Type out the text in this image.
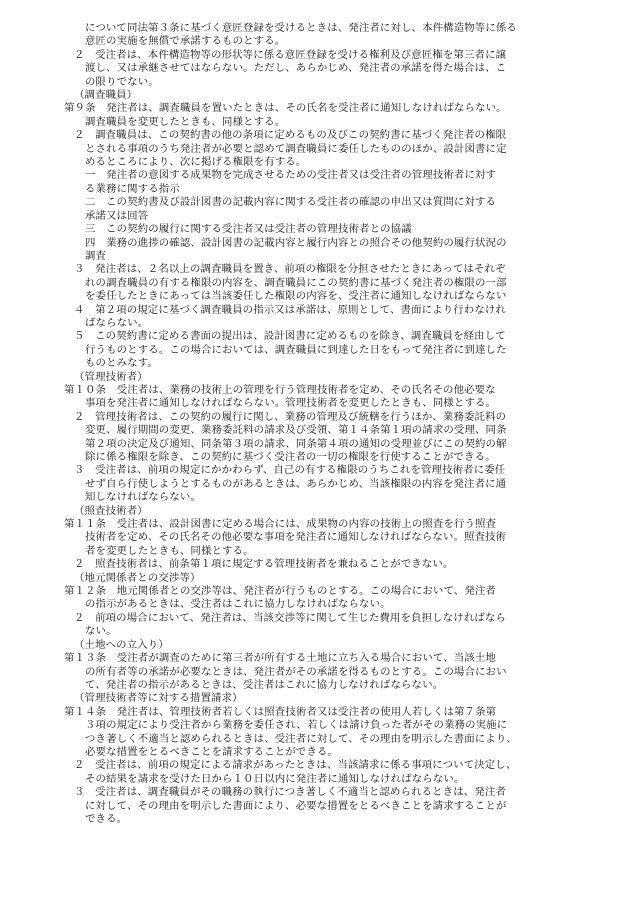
について同法第３条に基づく意匠登録を受けるときは、発注者に対し、本件構造物等に係る
意匠の実施を無償で承諾するものとする。
２　受注者は、本件構造物等の形状等に係る意匠登録を受ける権利及び意匠権を第三者に譲
渡し、又は承継させてはならない。ただし、あらかじめ、発注者の承諾を得た場合は、こ
の限りでない。
（調査職員）
第９条　発注者は、調査職員を置いたときは、その氏名を受注者に通知しなければならない。
調査職員を変更したときも、同様とする。
２　調査職員は、この契約書の他の条項に定めるもの及びこの契約書に基づく発注者の権限
とされる事項のうち発注者が必要と認めて調査職員に委任したもののほか、設計図書に定
めるところにより、次に掲げる権限を有する。
一　発注者の意図する成果物を完成させるための受注者又は受注者の管理技術者に対す
る業務に関する指示
二　この契約書及び設計図書の記載内容に関する受注者の確認の申出又は質問に対する
承諾又は回答
三　この契約の履行に関する受注者又は受注者の管理技術者との協議
四　業務の進捗の確認、設計図書の記載内容と履行内容との照合その他契約の履行状況の
調査
３　発注者は、２名以上の調査職員を置き、前項の権限を分担させたときにあってはそれぞ
れの調査職員の有する権限の内容を、調査職員にこの契約書に基づく発注者の権限の一部
を委任したときにあっては当該委任した権限の内容を、受注者に通知しなければならない
４　第２項の規定に基づく調査職員の指示又は承諾は、原則として、書面により行わなけれ
ばならない。
５　この契約書に定める書面の提出は、設計図書に定めるものを除き、調査職員を経由して
行うものとする。この場合においては、調査職員に到達した日をもって発注者に到達した
ものとみなす。
（管理技術者）
第１０条　受注者は、業務の技術上の管理を行う管理技術者を定め、その氏名その他必要な
事項を発注者に通知しなければならない。管理技術者を変更したときも、同様とする。
２　管理技術者は、この契約の履行に関し、業務の管理及び統轄を行うほか、業務委託料の
変更、履行期間の変更、業務委託料の請求及び受領、第１４条第１項の請求の受理、同条
第２項の決定及び通知、同条第３項の請求、同条第４項の通知の受理並びにこの契約の解
除に係る権限を除き、この契約に基づく受注者の一切の権限を行使することができる。
３　受注者は、前項の規定にかかわらず、自己の有する権限のうちこれを管理技術者に委任
せず自ら行使しようとするものがあるときは、あらかじめ、当該権限の内容を発注者に通
知しなければならない。
（照査技術者）
第１１条　受注者は、設計図書に定める場合には、成果物の内容の技術上の照査を行う照査
技術者を定め、その氏名その他必要な事項を発注者に通知しなければならない。照査技術
者を変更したときも、同様とする。
２　照査技術者は、前条第１項に規定する管理技術者を兼ねることができない。
（地元関係者との交渉等）
第１２条　地元関係者との交渉等は、発注者が行うものとする。この場合において、発注者
の指示があるときは、受注者はこれに協力しなければならない。
２　前項の場合において、発注者は、当該交渉等に関して生じた費用を負担しなければなら
ない。
（土地への立入り）
第１３条　受注者が調査のために第三者が所有する土地に立ち入る場合において、当該土地
の所有者等の承諾が必要なときは、発注者がその承諾を得るものとする。この場合におい
て、発注者の指示があるときは、受注者はこれに協力しなければならない。
（管理技術者等に対する措置請求）
第１４条　発注者は、管理技術者若しくは照査技術者又は受注者の使用人若しくは第７条第
３項の規定により受注者から業務を委任され、若しくは請け負った者がその業務の実施に
つき著しく不適当と認められるときは、受注者に対して、その理由を明示した書面により、
必要な措置をとるべきことを請求することができる。
２　受注者は、前項の規定による請求があったときは、当該請求に係る事項について決定し、
その結果を請求を受けた日から１０日以内に発注者に通知しなければならない。
３　受注者は、調査職員がその職務の執行につき著しく不適当と認められるときは、発注者
に対して、その理由を明示した書面により、必要な措置をとるべきことを請求することが
できる。
